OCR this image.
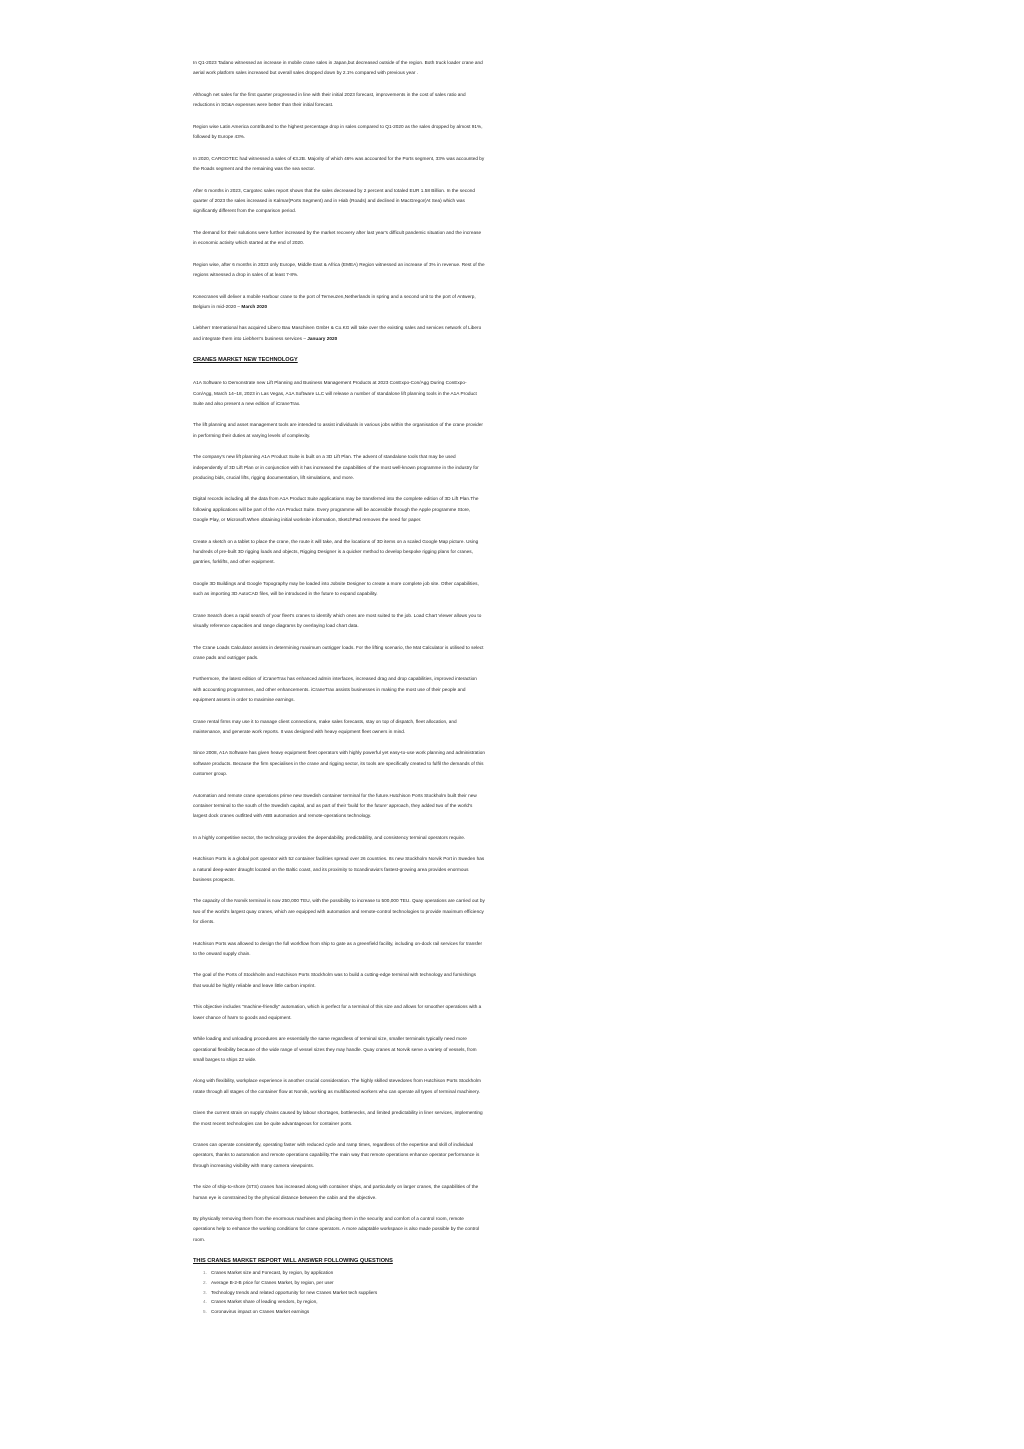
In Q1-2023 Tadano witnessed an increase in mobile crane sales in Japan,but decreased outside of the region. Both truck loader crane and aerial work platform sales increased but overall sales dropped down by 2.1% compared with previous year .

Although net sales for the first quarter progressed in line with their initial 2023 forecast, improvements in the cost of sales ratio and reductions in SG&A expenses were better than their initial forecast.

Region wise Latin America contributed to the highest percentage drop in sales compared to Q1-2020 as the sales dropped by almost 91%, followed by Europe 43%.

In 2020, CARGOTEC had witnessed a sales of €3.2B. Majority of which 46% was accounted for the Ports segment, 33% was accounted by the Roads segment and the remaining was the sea sector.

After 6 months in 2023, Cargotec sales report shows that the sales decreased by 2 percent and totaled EUR 1.58 Billion. In the second quarter of 2023 the sales increased in Kalmar(Ports Segment) and in Hiab (Roads) and declined in MacGregor(At Sea) which was significantly different from the comparison period.

The demand for their solutions were further increased by the market recovery after last year's difficult pandemic situation and the increase in economic activity which started at the end of 2020.

Region wise, after 6 months in 2023 only Europe, Middle East & Africa (EMEA) Region witnessed an increase of 3% in revenue. Rest of the regions witnessed a drop in sales of at least 7-8%.

Konecranes will deliver a mobile Harbour crane to the port of Terneuzen,Netherlands in spring and a second unit to the port of Antwerp, Belgium in mid-2020 – March 2020

Liebherr International has acquired Libero Bau Maschinen GmbH & Co.KG will take over the existing sales and services network of Libero and integrate them into Liebherr's business services – January 2020

CRANES MARKET NEW TECHNOLOGY

A1A Software to Demonstrate new Lift Planning and Business Management Products at 2023 ConExpo-Con/Agg During ConExpo-Con/Agg, March 14–18, 2023 in Las Vegas, A1A Software LLC will release a number of standalone lift planning tools in the A1A Product Suite and also present a new edition of iCraneTrax.

The lift planning and asset management tools are intended to assist individuals in various jobs within the organisation of the crane provider in performing their duties at varying levels of complexity.

The company's new lift planning A1A Product Suite is built on a 3D Lift Plan. The advent of standalone tools that may be used independently of 3D Lift Plan or in conjunction with it has increased the capabilities of the most well-known programme in the industry for producing bids, crucial lifts, rigging documentation, lift simulations, and more.

Digital records including all the data from A1A Product Suite applications may be transferred into the complete edition of 3D Lift Plan.The following applications will be part of the A1A Product Suite. Every programme will be accessible through the Apple programme Store, Google Play, or Microsoft.When obtaining initial worksite information, SketchPad removes the need for paper.

Create a sketch on a tablet to place the crane, the route it will take, and the locations of 3D items on a scaled Google Map picture. Using hundreds of pre-built 3D rigging loads and objects, Rigging Designer is a quicker method to develop bespoke rigging plans for cranes, gantries, forklifts, and other equipment.

Google 3D Buildings and Google Topography may be loaded into Jobsite Designer to create a more complete job site. Other capabilities, such as importing 3D AutoCAD files, will be introduced in the future to expand capability.

Crane Search does a rapid search of your fleet's cranes to identify which ones are most suited to the job. Load Chart Viewer allows you to visually reference capacities and range diagrams by overlaying load chart data.

The Crane Loads Calculator assists in determining maximum outrigger loads. For the lifting scenario, the Mat Calculator is utilised to select crane pads and outrigger pads.

Furthermore, the latest edition of iCraneTrax has enhanced admin interfaces, increased drag and drop capabilities, improved interaction with accounting programmes, and other enhancements. iCraneTrax assists businesses in making the most use of their people and equipment assets in order to maximise earnings.

Crane rental firms may use it to manage client connections, make sales forecasts, stay on top of dispatch, fleet allocation, and maintenance, and generate work reports. It was designed with heavy equipment fleet owners in mind.

Since 2008, A1A Software has given heavy equipment fleet operators with highly powerful yet easy-to-use work planning and administration software products. Because the firm specialises in the crane and rigging sector, its tools are specifically created to fulfil the demands of this customer group.

Automation and remote crane operations prime new Swedish container terminal for the future.Hutchison Ports Stockholm built their new container terminal to the south of the Swedish capital, and as part of their 'build for the future' approach, they added two of the world's largest dock cranes outfitted with ABB automation and remote-operations technology.

In a highly competitive sector, the technology provides the dependability, predictability, and consistency terminal operators require.

Hutchison Ports is a global port operator with 52 container facilities spread over 26 countries. Its new Stockholm Norvik Port in Sweden has a natural deep-water draught located on the Baltic coast, and its proximity to Scandinavia's fastest-growing area provides enormous business prospects.

The capacity of the Norvik terminal is now 250,000 TEU, with the possibility to increase to 500,000 TEU. Quay operations are carried out by two of the world's largest quay cranes, which are equipped with automation and remote-control technologies to provide maximum efficiency for clients.

Hutchison Ports was allowed to design the full workflow from ship to gate as a greenfield facility, including on-dock rail services for transfer to the onward supply chain.

The goal of the Ports of Stockholm and Hutchison Ports Stockholm was to build a cutting-edge terminal with technology and furnishings that would be highly reliable and leave little carbon imprint.

This objective includes "machine-friendly" automation, which is perfect for a terminal of this size and allows for smoother operations with a lower chance of harm to goods and equipment.

While loading and unloading procedures are essentially the same regardless of terminal size, smaller terminals typically need more operational flexibility because of the wide range of vessel sizes they may handle. Quay cranes at Norvik serve a variety of vessels, from small barges to ships 22 wide.

Along with flexibility, workplace experience is another crucial consideration. The highly skilled stevedores from Hutchison Ports Stockholm rotate through all stages of the container flow at Norvik, working as multifaceted workers who can operate all types of terminal machinery.

Given the current strain on supply chains caused by labour shortages, bottlenecks, and limited predictability in liner services, implementing the most recent technologies can be quite advantageous for container ports.

Cranes can operate consistently, operating faster with reduced cycle and ramp times, regardless of the expertise and skill of individual operators, thanks to automation and remote operations capability.The main way that remote operations enhance operator performance is through increasing visibility with many camera viewpoints.

The size of ship-to-shore (STS) cranes has increased along with container ships, and particularly on larger cranes, the capabilities of the human eye is constrained by the physical distance between the cabin and the objective.

By physically removing them from the enormous machines and placing them in the security and comfort of a control room, remote operations help to enhance the working conditions for crane operators. A more adaptable workspace is also made possible by the control room.

THIS CRANES MARKET REPORT WILL ANSWER FOLLOWING QUESTIONS
1. Cranes Market size and Forecast, by region, by application
2. Average B-2-B price for Cranes Market, by region, per user
3. Technology trends and related opportunity for new Cranes Market tech suppliers
4. Cranes Market share of leading vendors, by region,
5. Coronavirus impact on Cranes Market earnings
